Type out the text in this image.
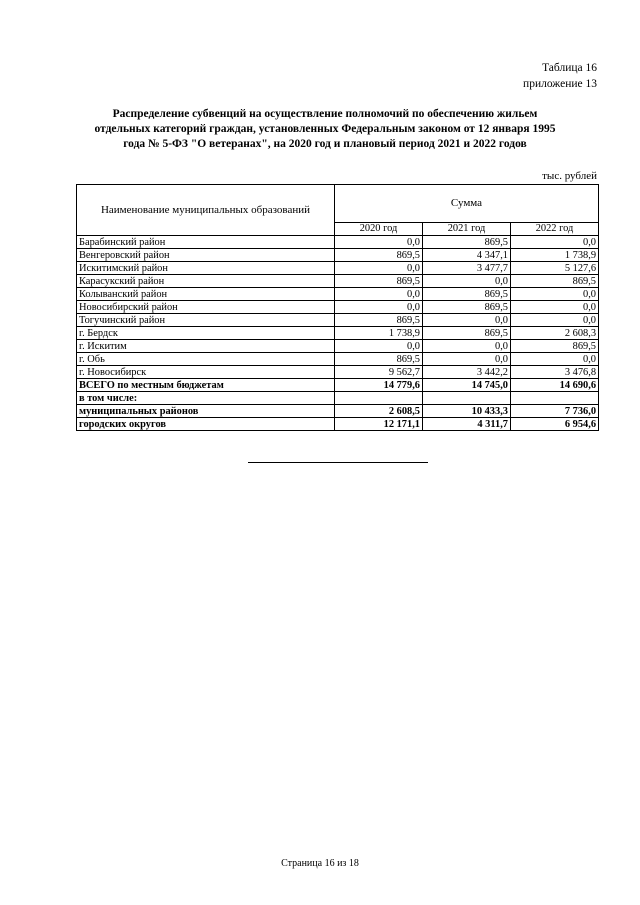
Таблица 16
приложение 13
Распределение субвенций на осуществление полномочий по обеспечению жильем отдельных категорий граждан, установленных Федеральным законом от 12 января 1995 года № 5-ФЗ "О ветеранах", на 2020 год и плановый период 2021 и 2022 годов
тыс. рублей
Наименование муниципальных образований	Сумма		
	2020 год	2021 год	2022 год
Барабинский район	0,0	869,5	0,0
Венгеровский район	869,5	4 347,1	1 738,9
Искитимский район	0,0	3 477,7	5 127,6
Карасукский район	869,5	0,0	869,5
Колыванский район	0,0	869,5	0,0
Новосибирский район	0,0	869,5	0,0
Тогучинский район	869,5	0,0	0,0
г. Бердск	1 738,9	869,5	2 608,3
г. Искитим	0,0	0,0	869,5
г. Обь	869,5	0,0	0,0
г. Новосибирск	9 562,7	3 442,2	3 476,8
ВСЕГО по местным бюджетам	14 779,6	14 745,0	14 690,6
в том числе:			
муниципальных районов	2 608,5	10 433,3	7 736,0
городских округов	12 171,1	4 311,7	6 954,6
Страница 16 из 18
